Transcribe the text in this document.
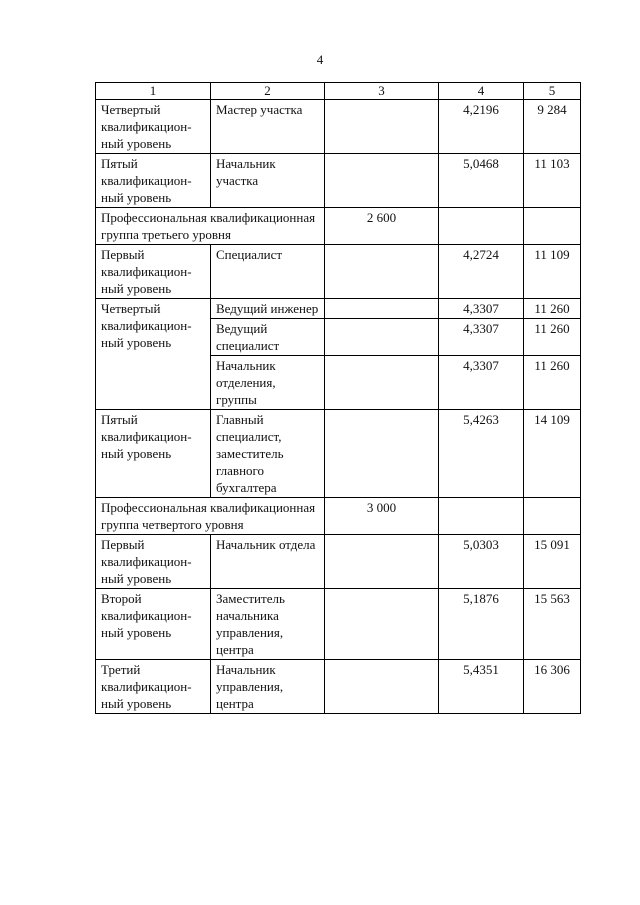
4
1	2	3	4	5
Четвертый квалификацион-ный уровень	Мастер участка		4,2196	9 284
Пятый квалификацион-ный уровень	Начальник участка		5,0468	11 103
Профессиональная квалификационная группа третьего уровня		2 600		
Первый квалификацион-ный уровень	Специалист		4,2724	11 109
Четвертый квалификацион-ный уровень	Ведущий инженер		4,3307	11 260
	Ведущий специалист		4,3307	11 260
	Начальник отделения, группы		4,3307	11 260
Пятый квалификацион-ный уровень	Главный специалист, заместитель главного бухгалтера		5,4263	14 109
Профессиональная квалификационная группа четвертого уровня		3 000		
Первый квалификацион-ный уровень	Начальник отдела		5,0303	15 091
Второй квалификацион-ный уровень	Заместитель начальника управления, центра		5,1876	15 563
Третий квалификацион-ный уровень	Начальник управления, центра		5,4351	16 306
